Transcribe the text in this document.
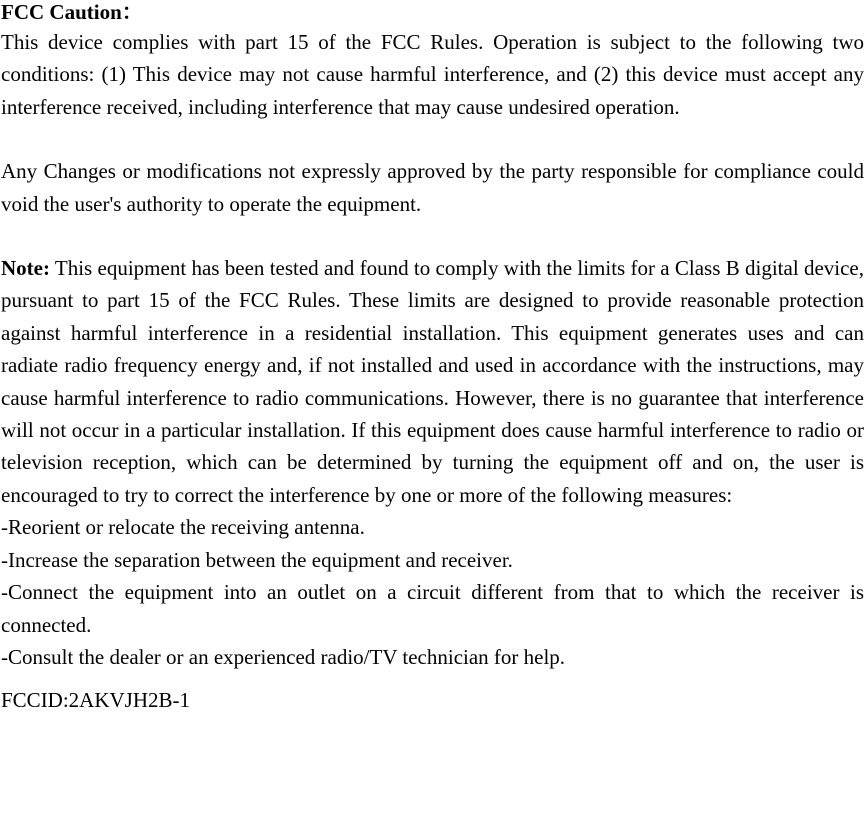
FCC Caution：

This device complies with part 15 of the FCC Rules. Operation is subject to the following two conditions: (1) This device may not cause harmful interference, and (2) this device must accept any interference received, including interference that may cause undesired operation.

Any Changes or modifications not expressly approved by the party responsible for compliance could void the user's authority to operate the equipment.

Note: This equipment has been tested and found to comply with the limits for a Class B digital device, pursuant to part 15 of the FCC Rules. These limits are designed to provide reasonable protection against harmful interference in a residential installation. This equipment generates uses and can radiate radio frequency energy and, if not installed and used in accordance with the instructions, may cause harmful interference to radio communications. However, there is no guarantee that interference will not occur in a particular installation. If this equipment does cause harmful interference to radio or television reception, which can be determined by turning the equipment off and on, the user is encouraged to try to correct the interference by one or more of the following measures:

-Reorient or relocate the receiving antenna.
-Increase the separation between the equipment and receiver.
-Connect the equipment into an outlet on a circuit different from that to which the receiver is connected.
-Consult the dealer or an experienced radio/TV technician for help.

FCCID:2AKVJH2B-1
